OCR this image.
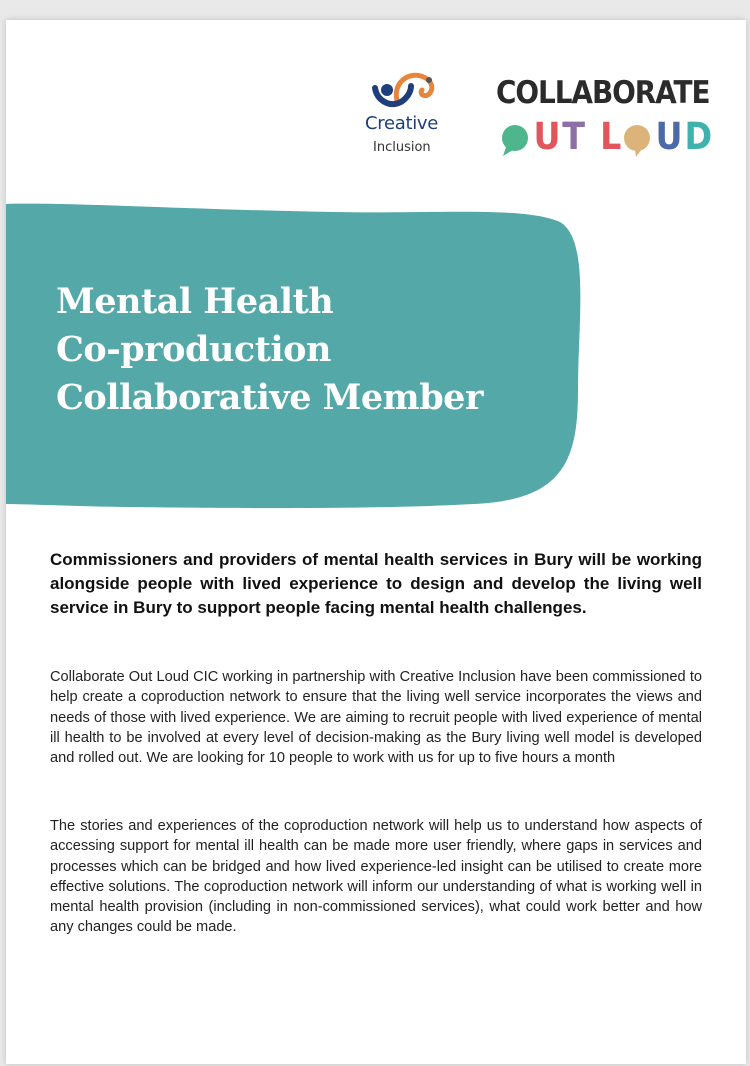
Creative
Inclusion
COLLABORATE
U T L U D
Mental Health
Co-production
Collaborative Member

Commissioners and providers of mental health services in Bury will be working alongside people with lived experience to design and develop the living well service in Bury to support people facing mental health challenges.

Collaborate Out Loud CIC working in partnership with Creative Inclusion have been commissioned to help create a coproduction network to ensure that the living well service incorporates the views and needs of those with lived experience. We are aiming to recruit people with lived experience of mental ill health to be involved at every level of decision-making as the Bury living well model is developed and rolled out. We are looking for 10 people to work with us for up to five hours a month

The stories and experiences of the coproduction network will help us to understand how aspects of accessing support for mental ill health can be made more user friendly, where gaps in services and processes which can be bridged and how lived experience-led insight can be utilised to create more effective solutions. The coproduction network will inform our understanding of what is working well in mental health provision (including in non-commissioned services), what could work better and how any changes could be made.
